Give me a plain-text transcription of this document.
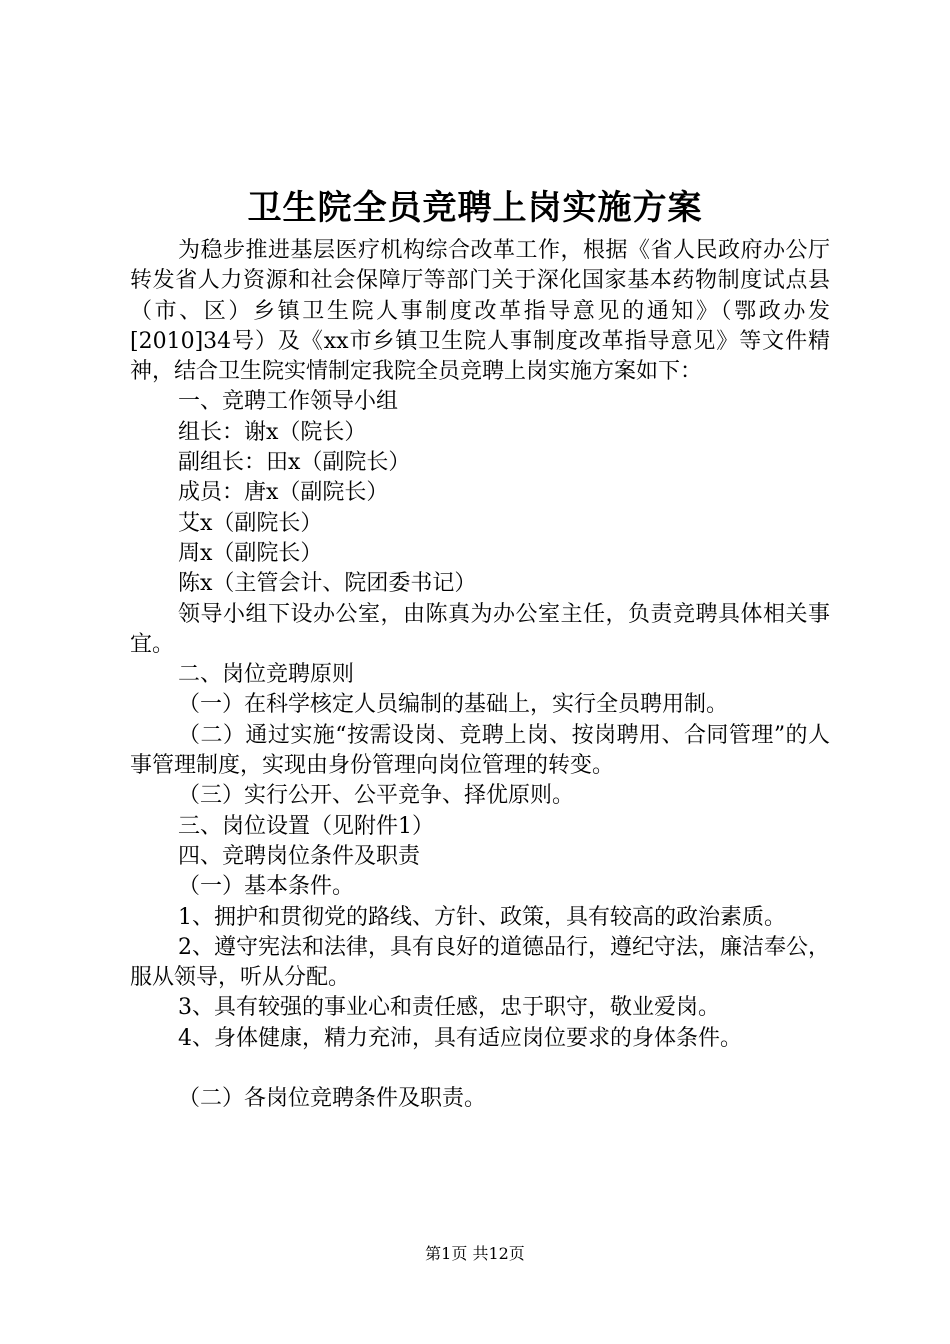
卫生院全员竞聘上岗实施方案

为稳步推进基层医疗机构综合改革工作，根据《省人民政府办公厅转发省人力资源和社会保障厅等部门关于深化国家基本药物制度试点县（市、区）乡镇卫生院人事制度改革指导意见的通知》（鄂政办发[2010]34号）及《xx市乡镇卫生院人事制度改革指导意见》等文件精神，结合卫生院实情制定我院全员竞聘上岗实施方案如下：

一、竞聘工作领导小组

组长：谢x（院长）

副组长：田x（副院长）

成员：唐x（副院长）

艾x（副院长）

周x（副院长）

陈x（主管会计、院团委书记）

领导小组下设办公室，由陈真为办公室主任，负责竞聘具体相关事宜。

二、岗位竞聘原则

（一）在科学核定人员编制的基础上，实行全员聘用制。

（二）通过实施“按需设岗、竞聘上岗、按岗聘用、合同管理”的人事管理制度，实现由身份管理向岗位管理的转变。

（三）实行公开、公平竞争、择优原则。

三、岗位设置（见附件1）

四、竞聘岗位条件及职责

（一）基本条件。

1、拥护和贯彻党的路线、方针、政策，具有较高的政治素质。

2、遵守宪法和法律，具有良好的道德品行，遵纪守法，廉洁奉公，服从领导，听从分配。

3、具有较强的事业心和责任感，忠于职守，敬业爱岗。

4、身体健康，精力充沛，具有适应岗位要求的身体条件。

（二）各岗位竞聘条件及职责。

第1页 共12页
